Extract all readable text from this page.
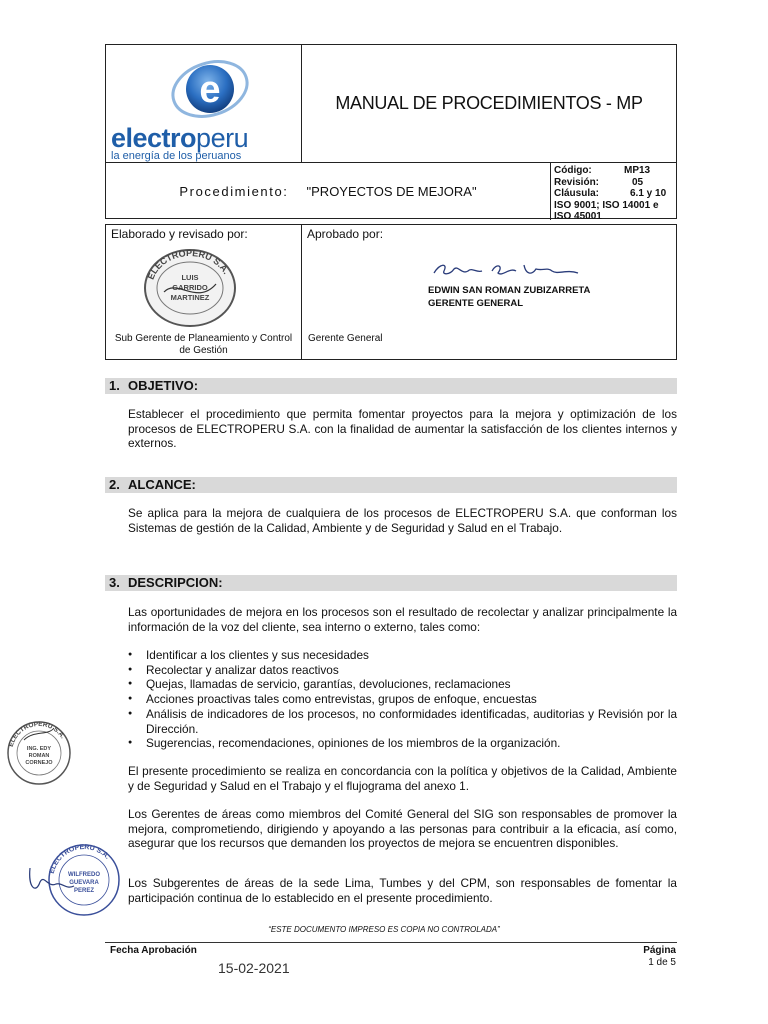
e
electroperu
la energía de los peruanos
MANUAL DE PROCEDIMIENTOS - MP
Procedimiento: "PROYECTOS DE MEJORA"
Código:	MP13
Revisión:	05
Cláusula:	6.1 y 10
ISO 9001; ISO 14001 e
ISO 45001
Elaborado y revisado por:
ELECTROPERU S.A.
LUIS
GARRIDO
MARTINEZ
Sub Gerente de Planeamiento y Control de Gestión
Aprobado por:
EDWIN SAN ROMAN ZUBIZARRETA
GERENTE GENERAL
Gerente General
1. OBJETIVO:
Establecer el procedimiento que permita fomentar proyectos para la mejora y optimización de los procesos de ELECTROPERU S.A. con la finalidad de aumentar la satisfacción de los clientes internos y externos.
2. ALCANCE:
Se aplica para la mejora de cualquiera de los procesos de ELECTROPERU S.A. que conforman los Sistemas de gestión de la Calidad, Ambiente y de Seguridad y Salud en el Trabajo.
3. DESCRIPCION:
Las oportunidades de mejora en los procesos son el resultado de recolectar y analizar principalmente la información de la voz del cliente, sea interno o externo, tales como:
● Identificar a los clientes y sus necesidades
● Recolectar y analizar datos reactivos
● Quejas, llamadas de servicio, garantías, devoluciones, reclamaciones
● Acciones proactivas tales como entrevistas, grupos de enfoque, encuestas
● Análisis de indicadores de los procesos, no conformidades identificadas, auditorias y Revisión por la Dirección.
● Sugerencias, recomendaciones, opiniones de los miembros de la organización.
El presente procedimiento se realiza en concordancia con la política y objetivos de la Calidad, Ambiente y de Seguridad y Salud en el Trabajo y el flujograma del anexo 1.
Los Gerentes de áreas como miembros del Comité General del SIG son responsables de promover la mejora, comprometiendo, dirigiendo y apoyando a las personas para contribuir a la eficacia, así como, asegurar que los recursos que demanden los proyectos de mejora se encuentren disponibles.
Los Subgerentes de áreas de la sede Lima, Tumbes y del CPM, son responsables de fomentar la participación continua de lo establecido en el presente procedimiento.
ELECTROPERU S.A.
ING. EDY
ROMAN
CORNEJO
ELECTROPERU S.A.
WILFREDO
GUEVARA
PEREZ
“ESTE DOCUMENTO IMPRESO ES COPIA NO CONTROLADA”
Fecha Aprobación
15-02-2021
Página
1 de 5
